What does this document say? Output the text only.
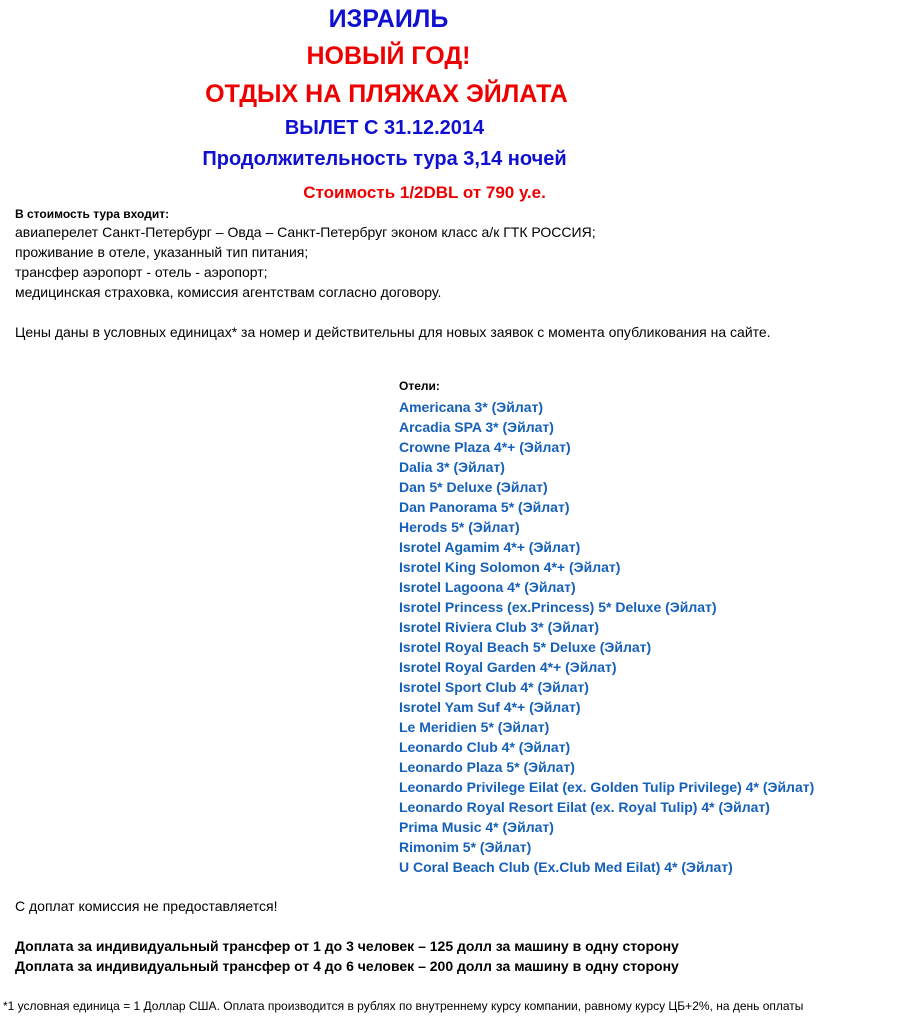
ИЗРАИЛЬ
НОВЫЙ ГОД!
ОТДЫХ НА ПЛЯЖАХ ЭЙЛАТА
ВЫЛЕТ С 31.12.2014
Продолжительность тура 3,14 ночей

Стоимость 1/2DBL от 790 у.е.

В стоимость тура входит:

авиаперелет Санкт-Петербург – Овда – Санкт-Петербруг эконом класс а/к ГТК РОССИЯ;
проживание в отеле, указанный тип питания;
трансфер аэропорт - отель - аэропорт;
медицинская страховка, комиссия агентствам согласно договору.

Цены даны в условных единицах* за номер и действительны для новых заявок с момента опубликования на сайте.

Отели:

Americana 3* (Эйлат)
Arcadia SPA 3* (Эйлат)
Crowne Plaza 4*+ (Эйлат)
Dalia 3* (Эйлат)
Dan 5* Deluxe (Эйлат)
Dan Panorama 5* (Эйлат)
Herods 5* (Эйлат)
Isrotel Agamim 4*+ (Эйлат)
Isrotel King Solomon 4*+ (Эйлат)
Isrotel Lagoona 4* (Эйлат)
Isrotel Princess (ex.Princess) 5* Deluxe (Эйлат)
Isrotel Riviera Club 3* (Эйлат)
Isrotel Royal Beach 5* Deluxe (Эйлат)
Isrotel Royal Garden 4*+ (Эйлат)
Isrotel Sport Club 4* (Эйлат)
Isrotel Yam Suf 4*+ (Эйлат)
Le Meridien 5* (Эйлат)
Leonardo Club 4* (Эйлат)
Leonardo Plaza 5* (Эйлат)
Leonardo Privilege Eilat (ex. Golden Tulip Privilege) 4* (Эйлат)
Leonardo Royal Resort Eilat (ex. Royal Tulip) 4* (Эйлат)
Prima Music 4* (Эйлат)
Rimonim 5* (Эйлат)
U Coral Beach Club (Ex.Club Med Eilat) 4* (Эйлат)

С доплат комиссия не предоставляется!

Доплата за индивидуальный трансфер от 1 до 3 человек – 125 долл за машину в одну сторону

Доплата за индивидуальный трансфер от 4 до 6 человек – 200 долл за машину в одну сторону

*1 условная единица = 1 Доллар США. Оплата производится в рублях по внутреннему курсу компании, равному курсу ЦБ+2%, на день оплаты
